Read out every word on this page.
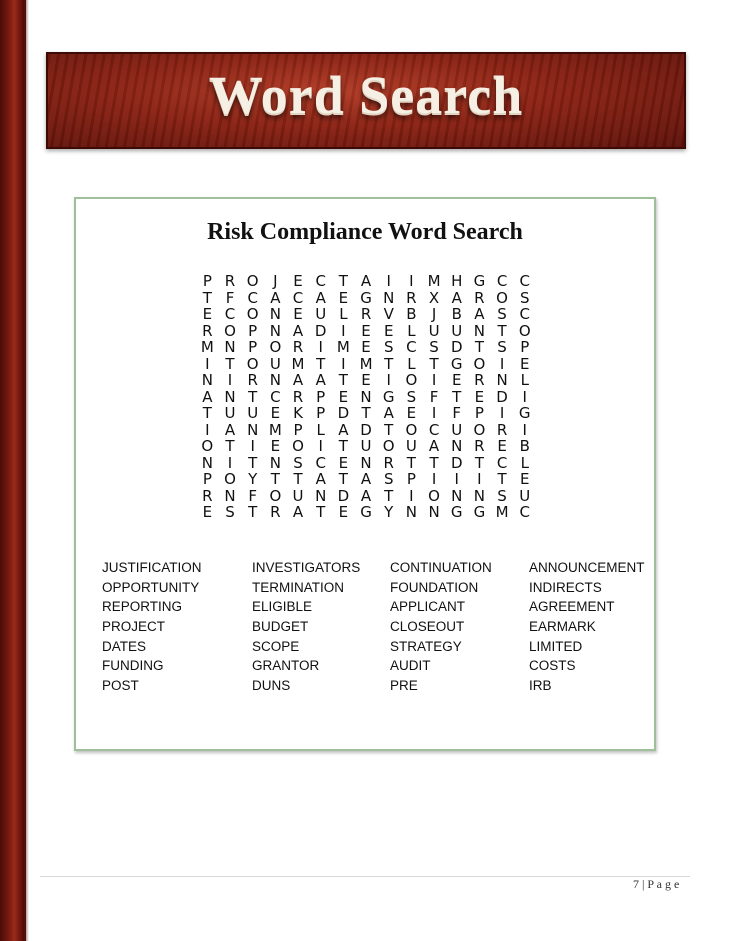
Word Search
Risk Compliance Word Search
P R O J	E C T A	I	I M H G C C
T F C A C A E G N R X A R O S
E C O N E U L R V B	J	B A S C
R O P N A D I	E E L U U N T O
M N P O R	I M E S C S D T S P
I	T O U M T	I M T L T G O I	E
N I	R N A A T E	I O I	E R N L
A N T C R P E N G S F T E D I
T U U E K P D T A E	I	F P	I G
I	A N M P L A D T O C U O R	I
O T	I	E O I	T U O U A N R E B
N I	T N S C E N R T T D T C L
P O Y T T A T A S P	I	I	I	T E
R N F O U N D A T	I O N N S U
E S T R A T E G Y N N G G M C
JUSTIFICATION
OPPORTUNITY
REPORTING
PROJECT
DATES
FUNDING
POST
INVESTIGATORS
TERMINATION
ELIGIBLE
BUDGET
SCOPE
GRANTOR
DUNS
CONTINUATION
FOUNDATION
APPLICANT
CLOSEOUT
STRATEGY
AUDIT
PRE
ANNOUNCEMENT
INDIRECTS
AGREEMENT
EARMARK
LIMITED
COSTS
IRB
7 | P a g e
